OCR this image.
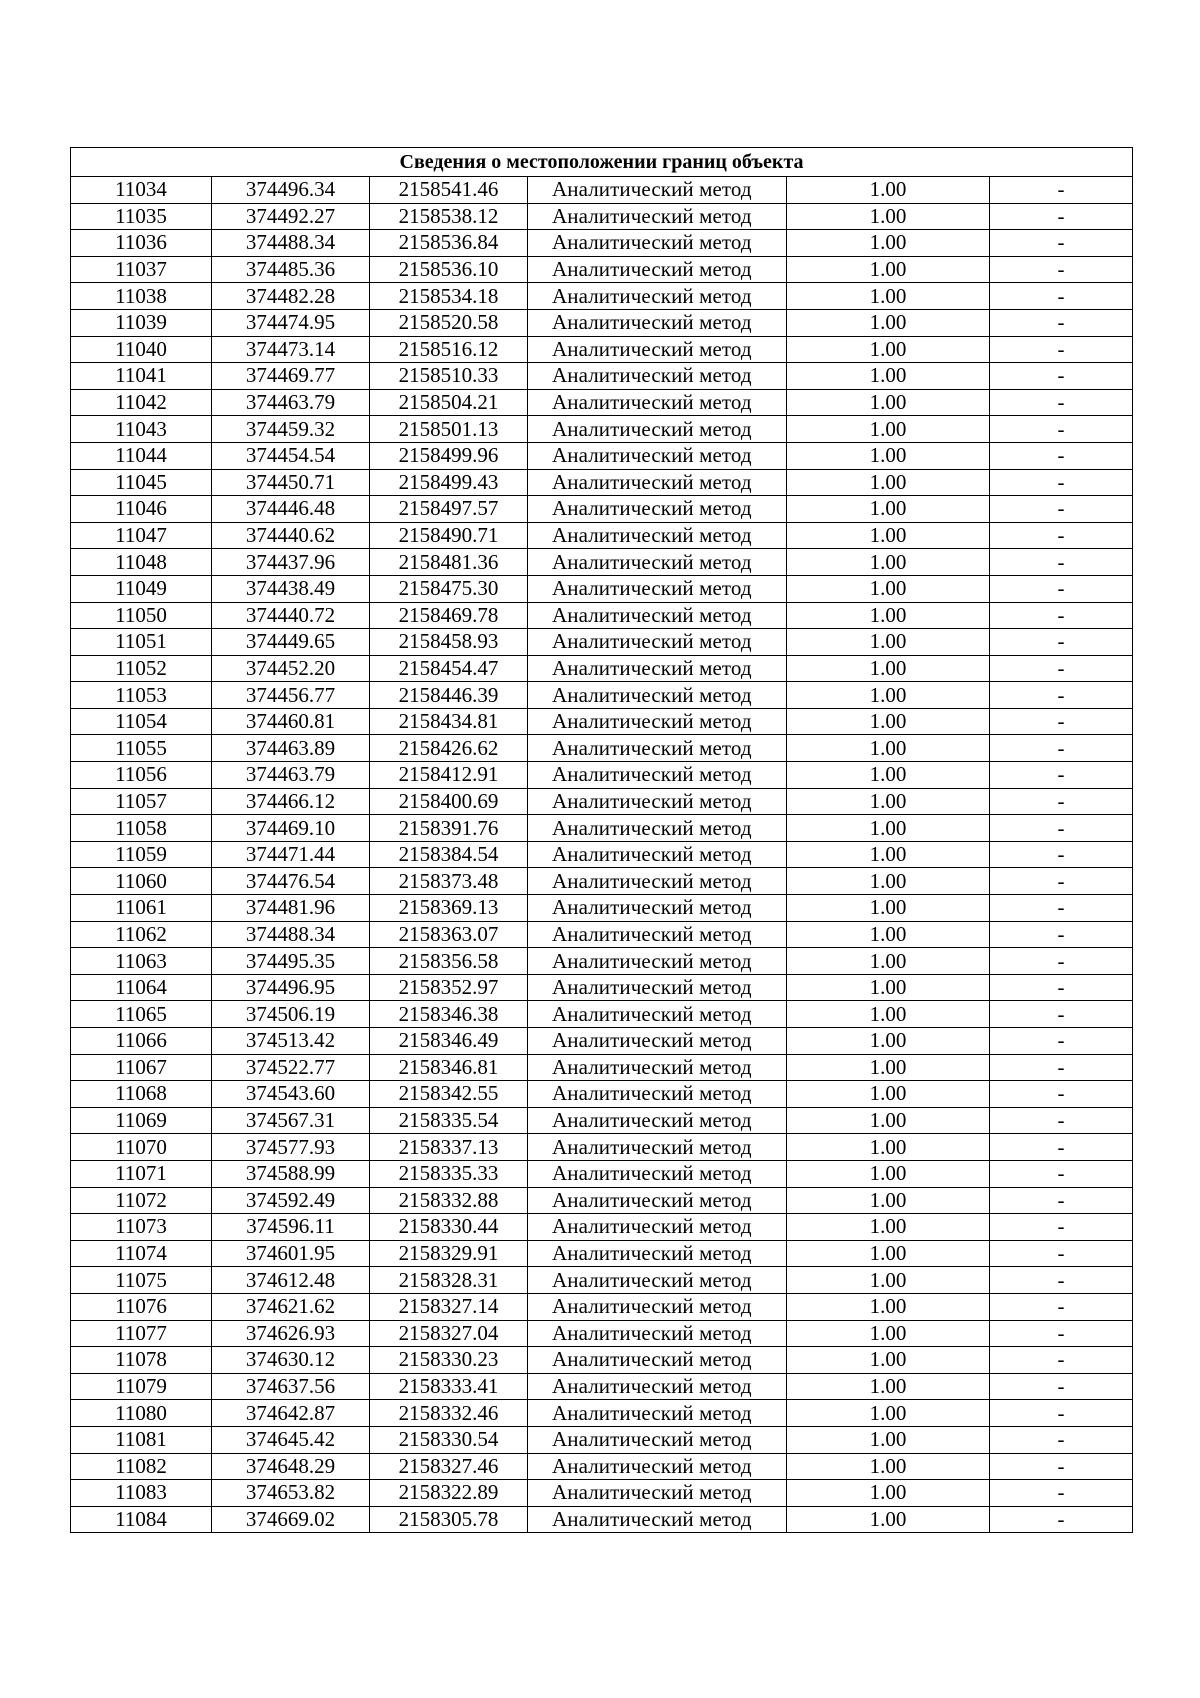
Сведения о местоположении границ объекта					
11034	374496.34	2158541.46	Аналитический метод	1.00	-
11035	374492.27	2158538.12	Аналитический метод	1.00	-
11036	374488.34	2158536.84	Аналитический метод	1.00	-
11037	374485.36	2158536.10	Аналитический метод	1.00	-
11038	374482.28	2158534.18	Аналитический метод	1.00	-
11039	374474.95	2158520.58	Аналитический метод	1.00	-
11040	374473.14	2158516.12	Аналитический метод	1.00	-
11041	374469.77	2158510.33	Аналитический метод	1.00	-
11042	374463.79	2158504.21	Аналитический метод	1.00	-
11043	374459.32	2158501.13	Аналитический метод	1.00	-
11044	374454.54	2158499.96	Аналитический метод	1.00	-
11045	374450.71	2158499.43	Аналитический метод	1.00	-
11046	374446.48	2158497.57	Аналитический метод	1.00	-
11047	374440.62	2158490.71	Аналитический метод	1.00	-
11048	374437.96	2158481.36	Аналитический метод	1.00	-
11049	374438.49	2158475.30	Аналитический метод	1.00	-
11050	374440.72	2158469.78	Аналитический метод	1.00	-
11051	374449.65	2158458.93	Аналитический метод	1.00	-
11052	374452.20	2158454.47	Аналитический метод	1.00	-
11053	374456.77	2158446.39	Аналитический метод	1.00	-
11054	374460.81	2158434.81	Аналитический метод	1.00	-
11055	374463.89	2158426.62	Аналитический метод	1.00	-
11056	374463.79	2158412.91	Аналитический метод	1.00	-
11057	374466.12	2158400.69	Аналитический метод	1.00	-
11058	374469.10	2158391.76	Аналитический метод	1.00	-
11059	374471.44	2158384.54	Аналитический метод	1.00	-
11060	374476.54	2158373.48	Аналитический метод	1.00	-
11061	374481.96	2158369.13	Аналитический метод	1.00	-
11062	374488.34	2158363.07	Аналитический метод	1.00	-
11063	374495.35	2158356.58	Аналитический метод	1.00	-
11064	374496.95	2158352.97	Аналитический метод	1.00	-
11065	374506.19	2158346.38	Аналитический метод	1.00	-
11066	374513.42	2158346.49	Аналитический метод	1.00	-
11067	374522.77	2158346.81	Аналитический метод	1.00	-
11068	374543.60	2158342.55	Аналитический метод	1.00	-
11069	374567.31	2158335.54	Аналитический метод	1.00	-
11070	374577.93	2158337.13	Аналитический метод	1.00	-
11071	374588.99	2158335.33	Аналитический метод	1.00	-
11072	374592.49	2158332.88	Аналитический метод	1.00	-
11073	374596.11	2158330.44	Аналитический метод	1.00	-
11074	374601.95	2158329.91	Аналитический метод	1.00	-
11075	374612.48	2158328.31	Аналитический метод	1.00	-
11076	374621.62	2158327.14	Аналитический метод	1.00	-
11077	374626.93	2158327.04	Аналитический метод	1.00	-
11078	374630.12	2158330.23	Аналитический метод	1.00	-
11079	374637.56	2158333.41	Аналитический метод	1.00	-
11080	374642.87	2158332.46	Аналитический метод	1.00	-
11081	374645.42	2158330.54	Аналитический метод	1.00	-
11082	374648.29	2158327.46	Аналитический метод	1.00	-
11083	374653.82	2158322.89	Аналитический метод	1.00	-
11084	374669.02	2158305.78	Аналитический метод	1.00	-
